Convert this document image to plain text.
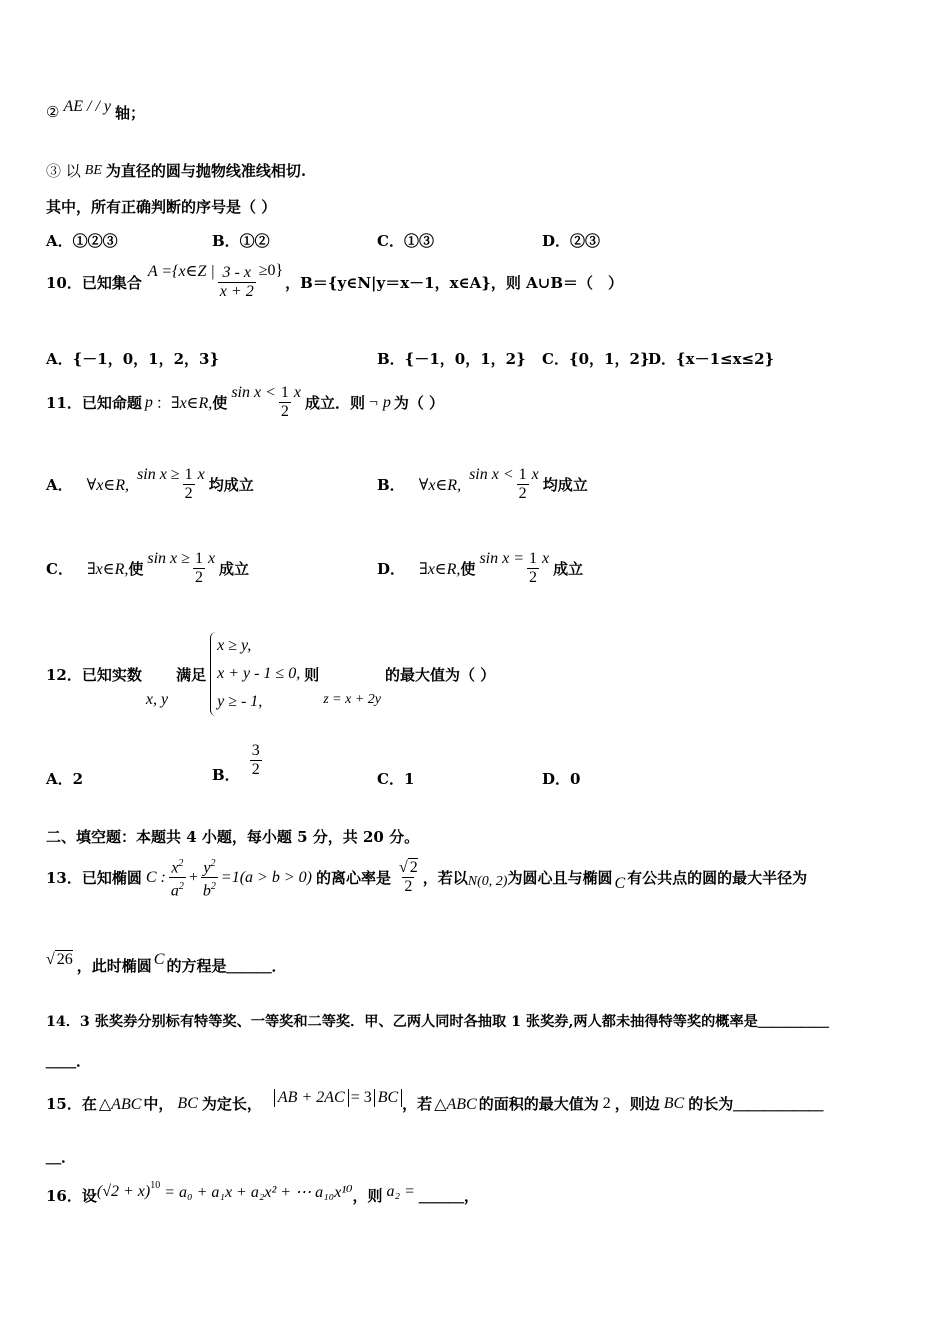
② AE / / y 轴；
③ 以 BE 为直径的圆与抛物线准线相切.
其中，所有正确判断的序号是（ ）
A．①②③	B．①②	C．①③	D．②③
10．已知集合
A ={x∈Z | $\frac{3 - x}{x + 2} \ge 0$}
，B＝{y∈N|y＝x－1，x∈A}，则 A∪B＝（　）
A．{－1，0，1，2，3}	B．{－1，0，1，2} C．{0，1，2}
D．{x－1≤x≤2}
11．已知命题 p ： ∃x∈R, 使
$\sin x < \frac{1}{2}$ x
成立．则 ¬ p 为（ ）
A． ∀x∈R,
$\sin x \ge \frac{1}{2}$ x
均成立	B． ∀x∈R,
$\sin x < \frac{1}{2}$ x
均成立
C． ∃x∈R, 使
$\sin x \ge \frac{1}{2}$ x
成立	D． ∃x∈R, 使
$\sin x = \frac{1}{2}$ x
成立
12．已知实数
x, y
满足
x ≥ y,
x + y - 1 ≤ 0,
y ≥ - 1,
则
z = x + 2y
的最大值为（ ）
A．2	B． $\frac{3}{2}$	C．1	D．0
二、填空题：本题共 4 小题，每小题 5 分，共 20 分。
13．已知椭圆 C : $\frac{x^2}{a^2} + \frac{y^2}{b^2} =1(a > b > 0)$ 的离心率是 $\frac{√ 2}{2}$ ，若以 N(0, 2) 为圆心且与椭圆 C 有公共点的圆的最大半径为
√ 26 ，此时椭圆 C 的方程是＿＿＿．
14．3 张奖券分别标有特等奖、一等奖和二等奖．甲、乙两人同时各抽取 1 张奖券,两人都未抽得特等奖的概率是＿＿＿＿＿
＿＿．
15．在 △ABC 中， BC 为定长， AB + 2AC = 3 BC ，若 △ABC 的面积的最大值为 2 ，则边 BC 的长为＿＿＿＿＿＿
＿．
16．设 (√2 + x) 10 = a₀ + a₁x + a₂x² + ⋯ a₁₀x¹⁰ ，则 a₂ = ＿＿＿，
